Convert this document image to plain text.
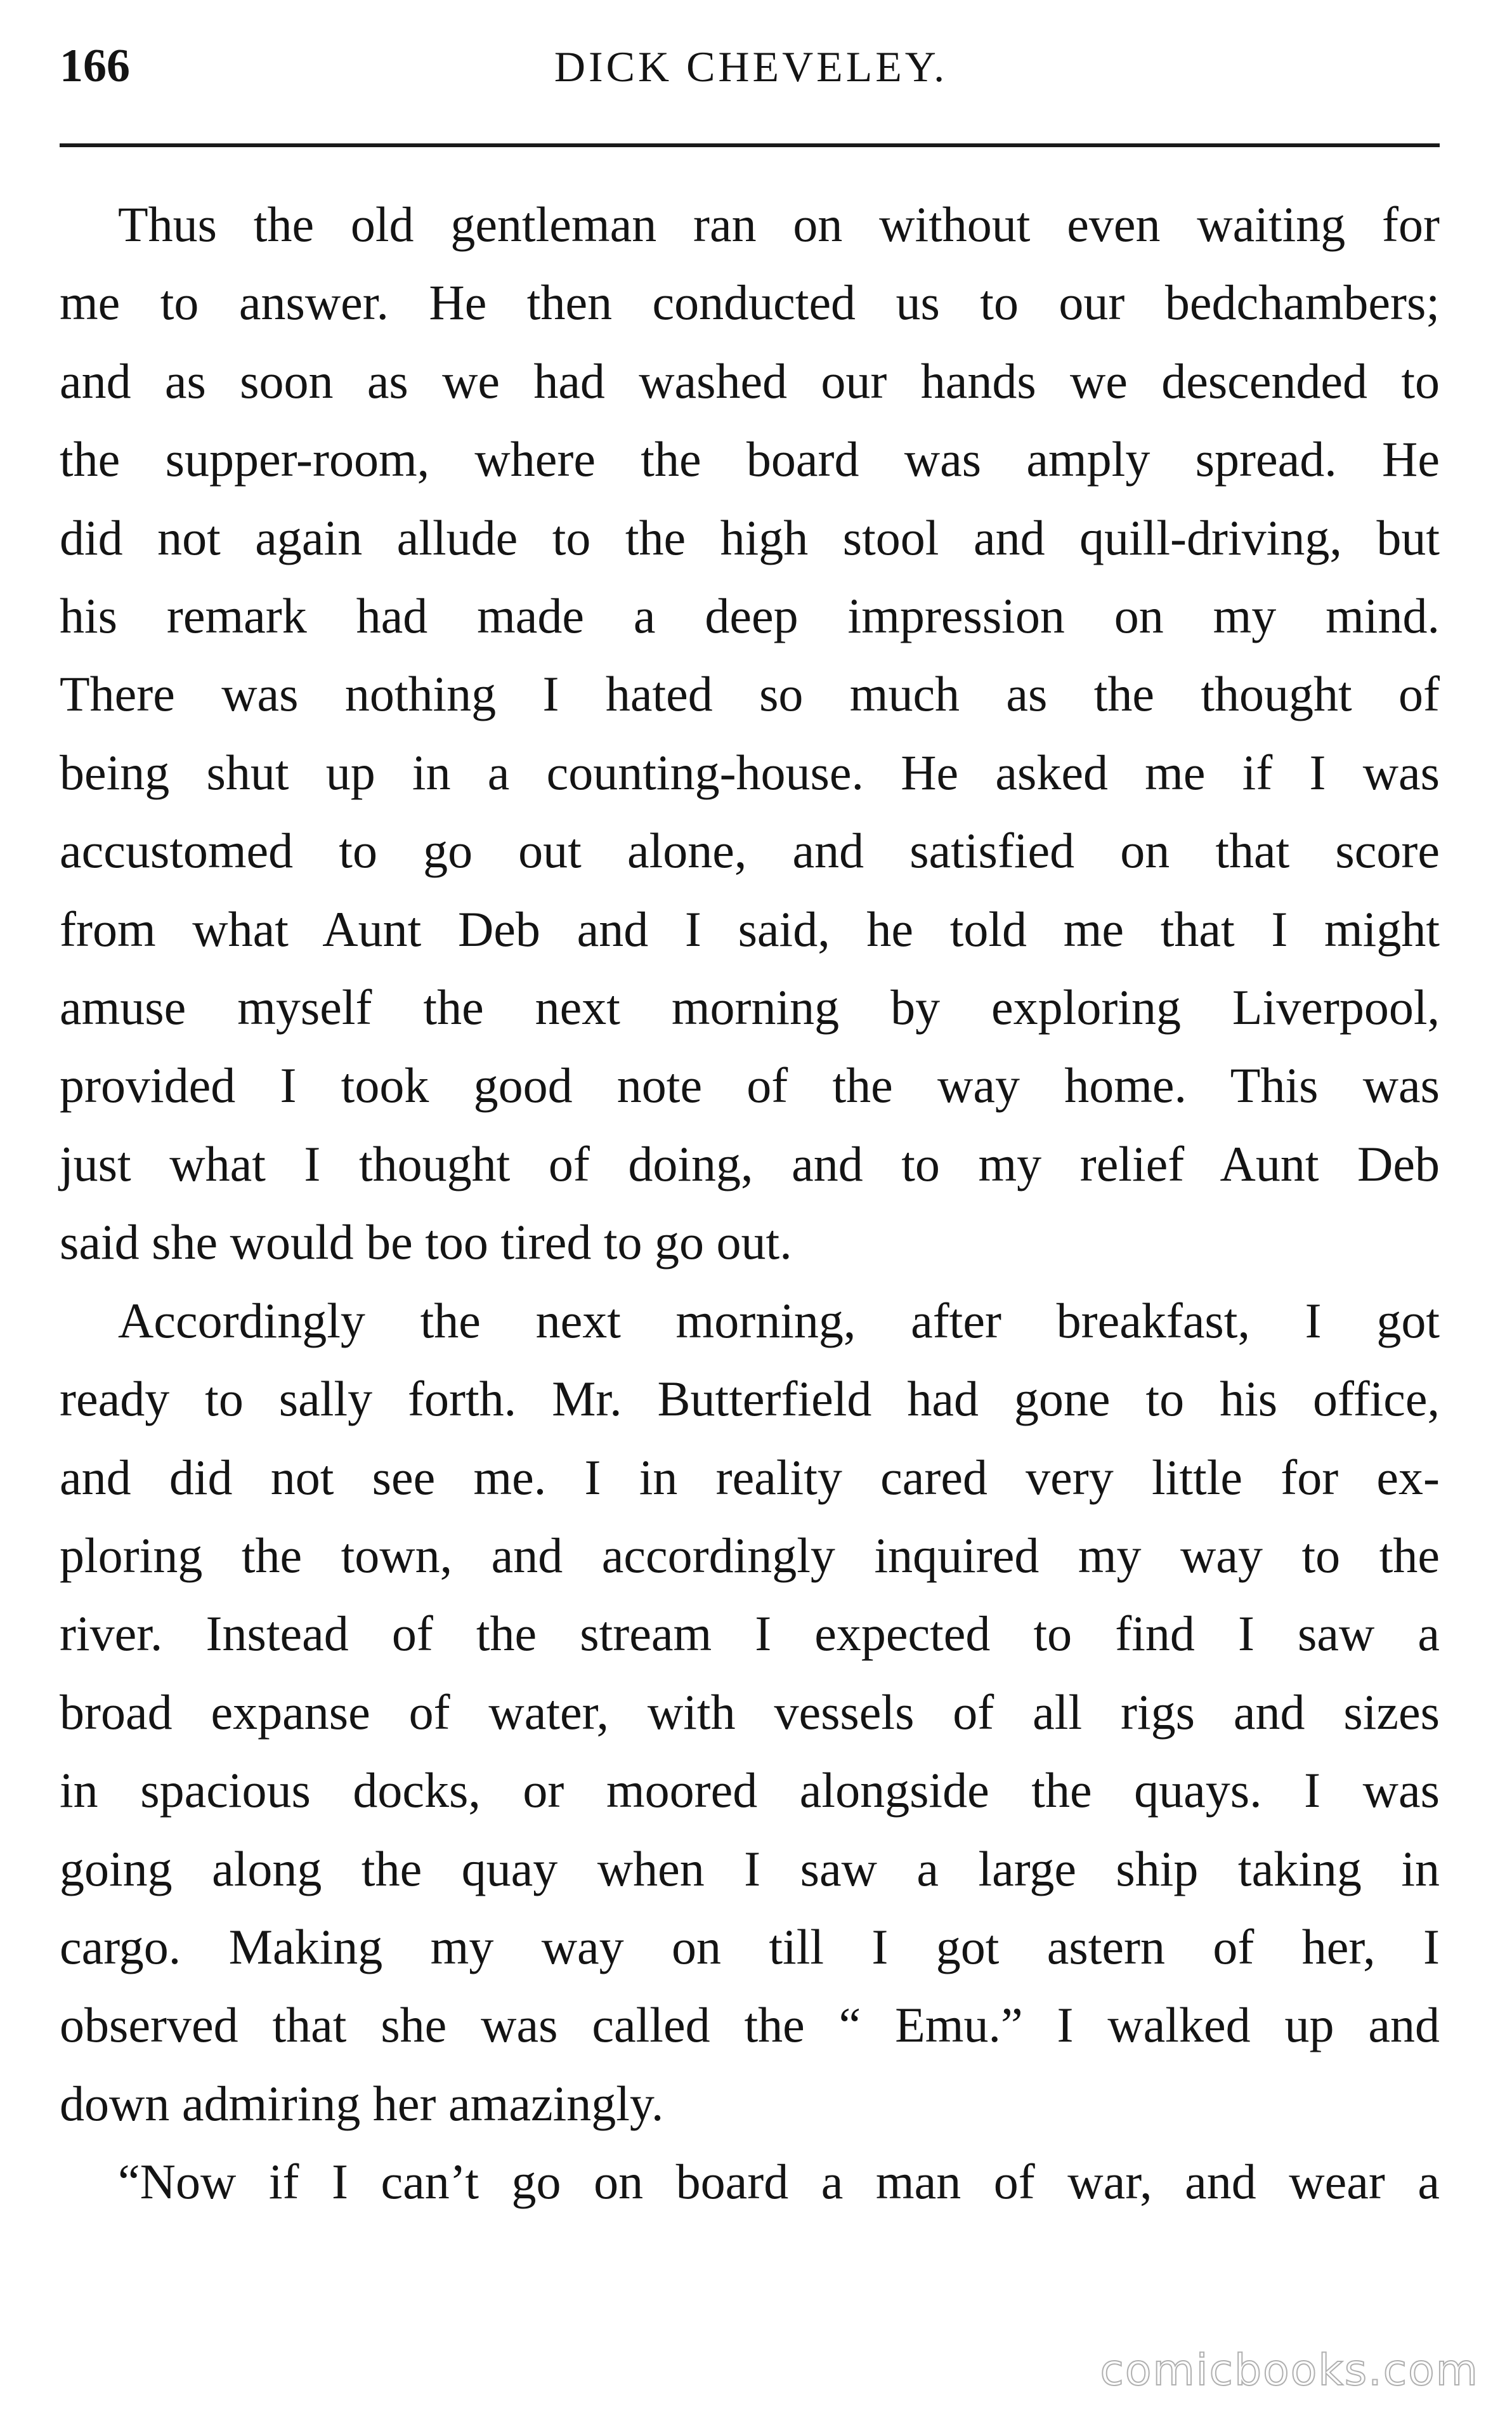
166	DICK CHEVELEY.

Thus the old gentleman ran on without even waiting for
me to answer. He then conducted us to our bedchambers;
and as soon as we had washed our hands we descended to
the supper-room, where the board was amply spread. He
did not again allude to the high stool and quill-driving, but
his remark had made a deep impression on my mind.
There was nothing I hated so much as the thought of
being shut up in a counting-house. He asked me if I was
accustomed to go out alone, and satisfied on that score
from what Aunt Deb and I said, he told me that I might
amuse myself the next morning by exploring Liverpool,
provided I took good note of the way home. This was
just what I thought of doing, and to my relief Aunt Deb
said she would be too tired to go out.

Accordingly the next morning, after breakfast, I got
ready to sally forth. Mr. Butterfield had gone to his office,
and did not see me. I in reality cared very little for ex-
ploring the town, and accordingly inquired my way to the
river. Instead of the stream I expected to find I saw a
broad expanse of water, with vessels of all rigs and sizes
in spacious docks, or moored alongside the quays. I was
going along the quay when I saw a large ship taking in
cargo. Making my way on till I got astern of her, I
observed that she was called the “ Emu.” I walked up and
down admiring her amazingly.

“Now if I can’t go on board a man of war, and wear a

comicbooks.com
